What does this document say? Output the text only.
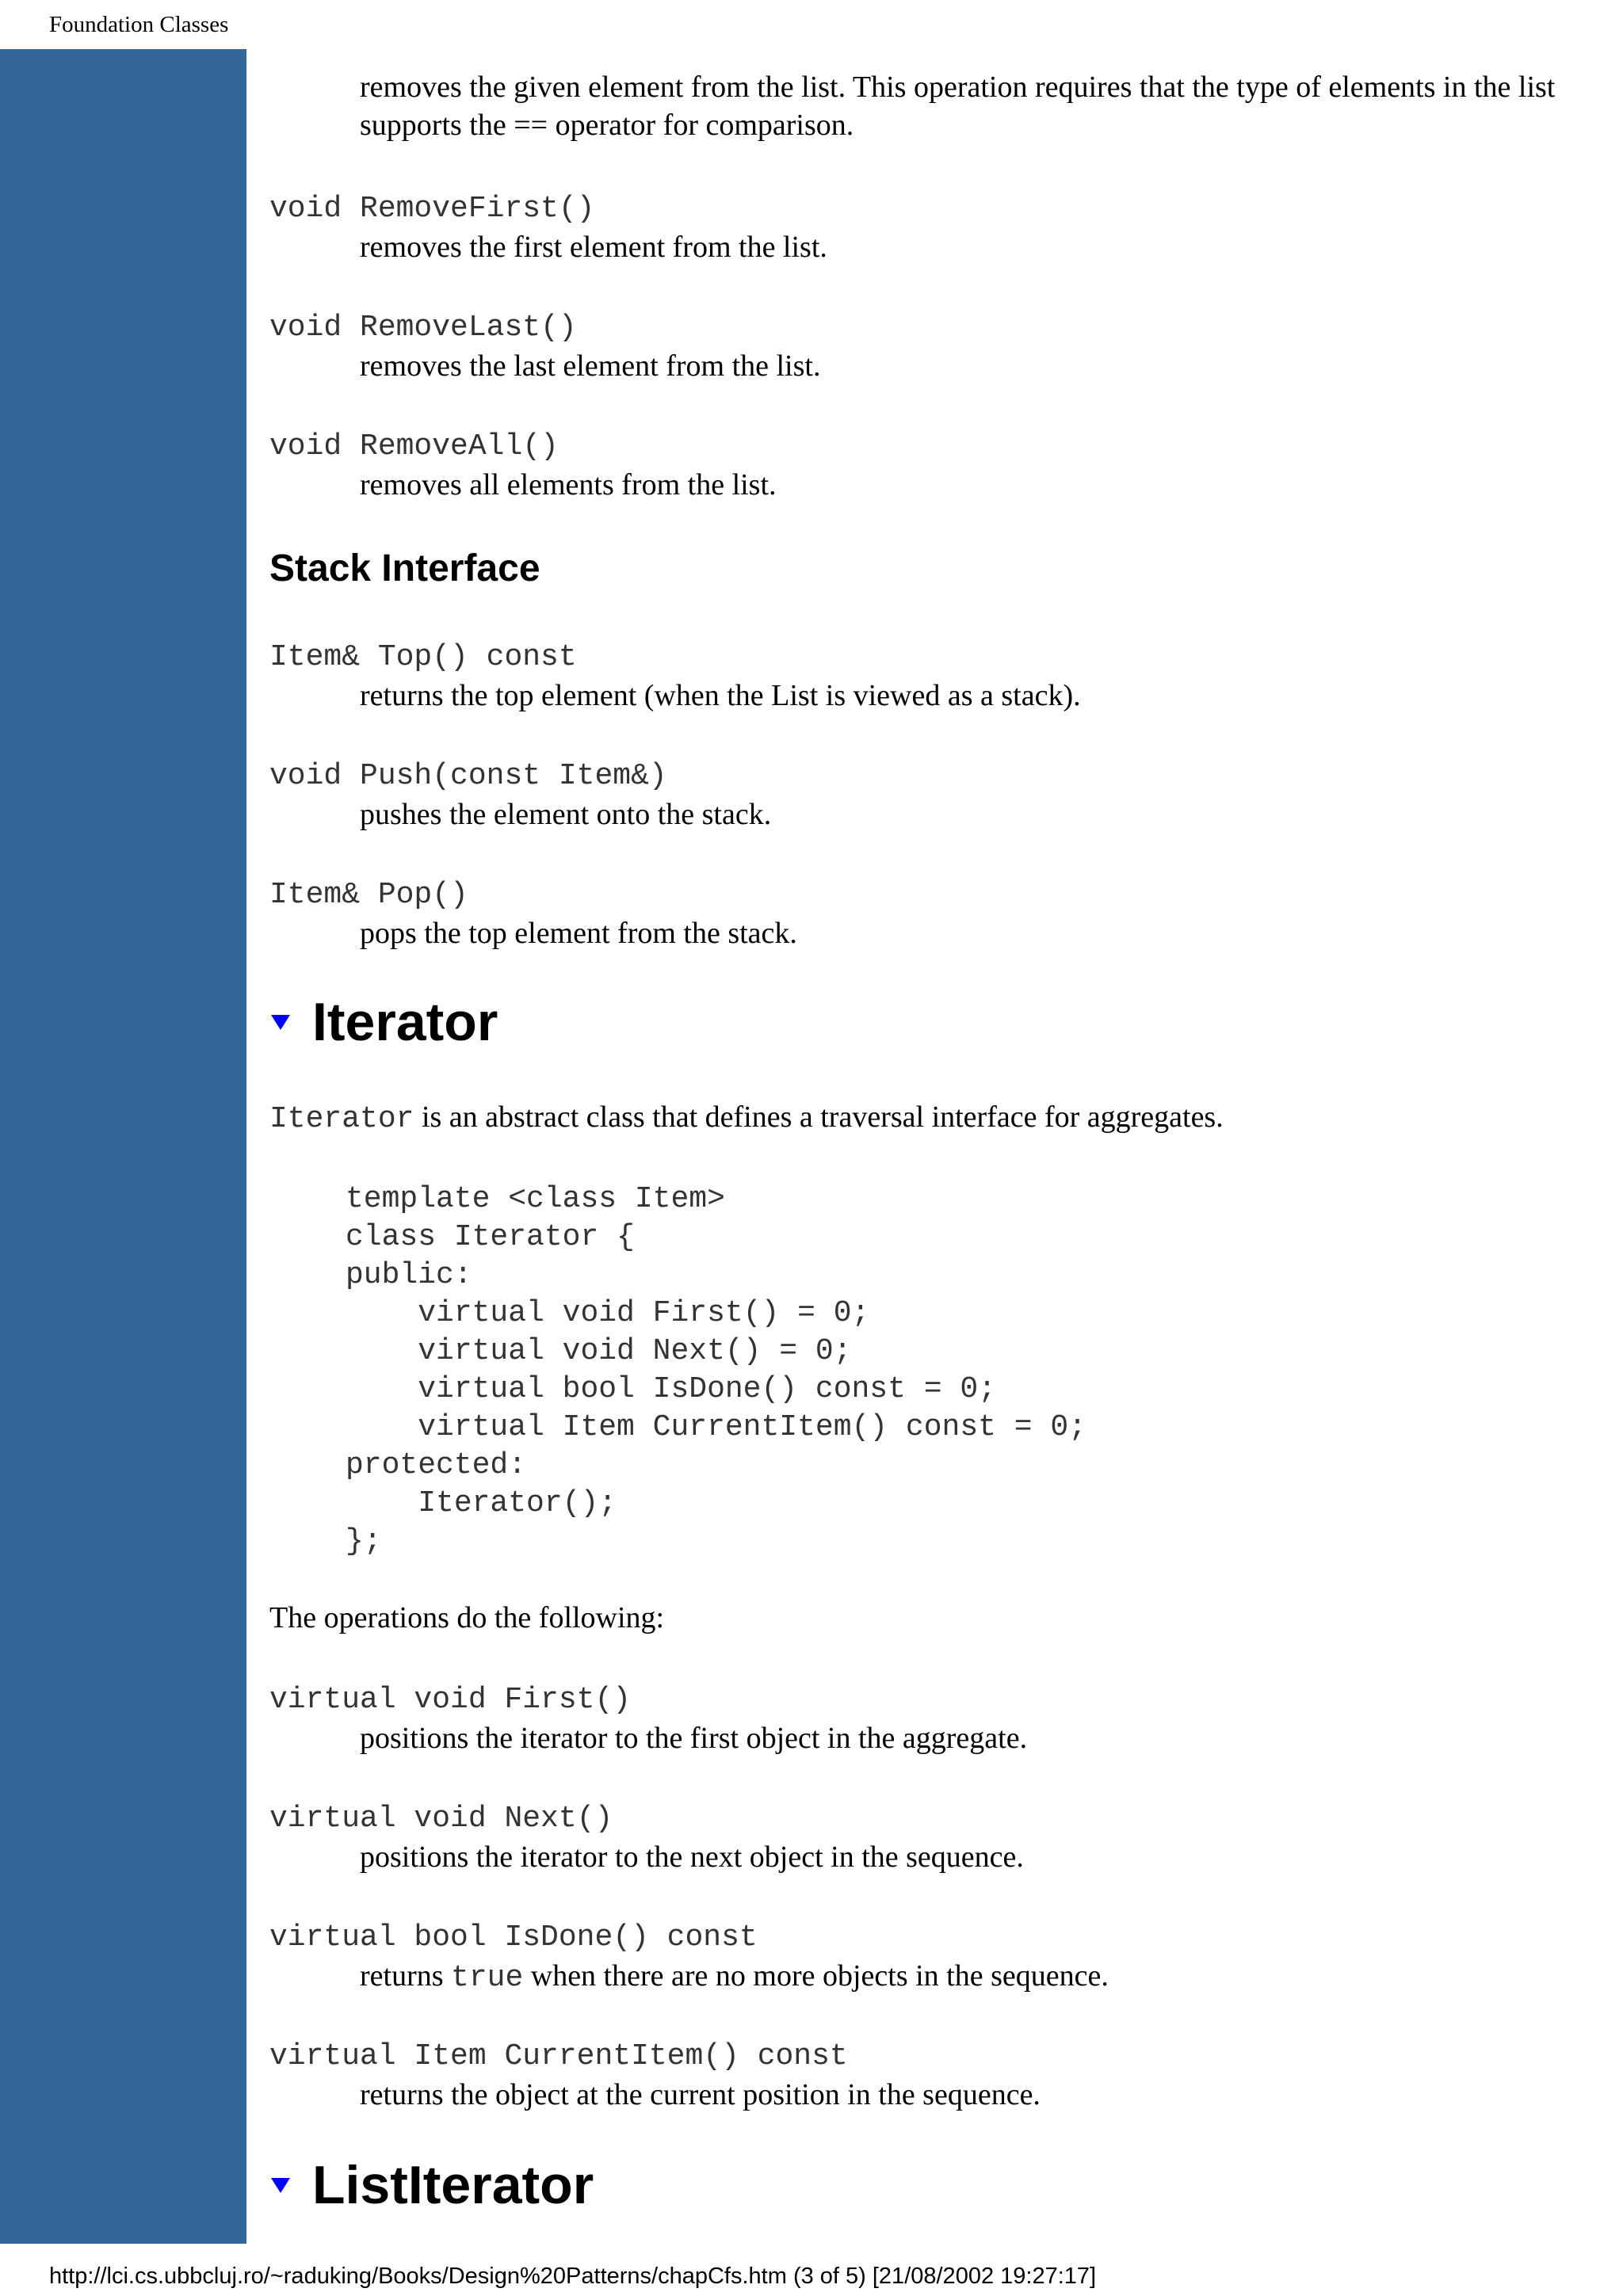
Foundation Classes
removes the given element from the list. This operation requires that the type of elements in the list supports the == operator for comparison.
void RemoveFirst()
removes the first element from the list.
void RemoveLast()
removes the last element from the list.
void RemoveAll()
removes all elements from the list.
Stack Interface
Item& Top() const
returns the top element (when the List is viewed as a stack).
void Push(const Item&)
pushes the element onto the stack.
Item& Pop()
pops the top element from the stack.
Iterator
Iterator is an abstract class that defines a traversal interface for aggregates.
template <class Item>
class Iterator {
public:
virtual void First() = 0;
virtual void Next() = 0;
virtual bool IsDone() const = 0;
virtual Item CurrentItem() const = 0;
protected:
Iterator();
};
The operations do the following:
virtual void First()
positions the iterator to the first object in the aggregate.
virtual void Next()
positions the iterator to the next object in the sequence.
virtual bool IsDone() const
returns true when there are no more objects in the sequence.
virtual Item CurrentItem() const
returns the object at the current position in the sequence.
ListIterator
http://lci.cs.ubbcluj.ro/~raduking/Books/Design%20Patterns/chapCfs.htm (3 of 5) [21/08/2002 19:27:17]
